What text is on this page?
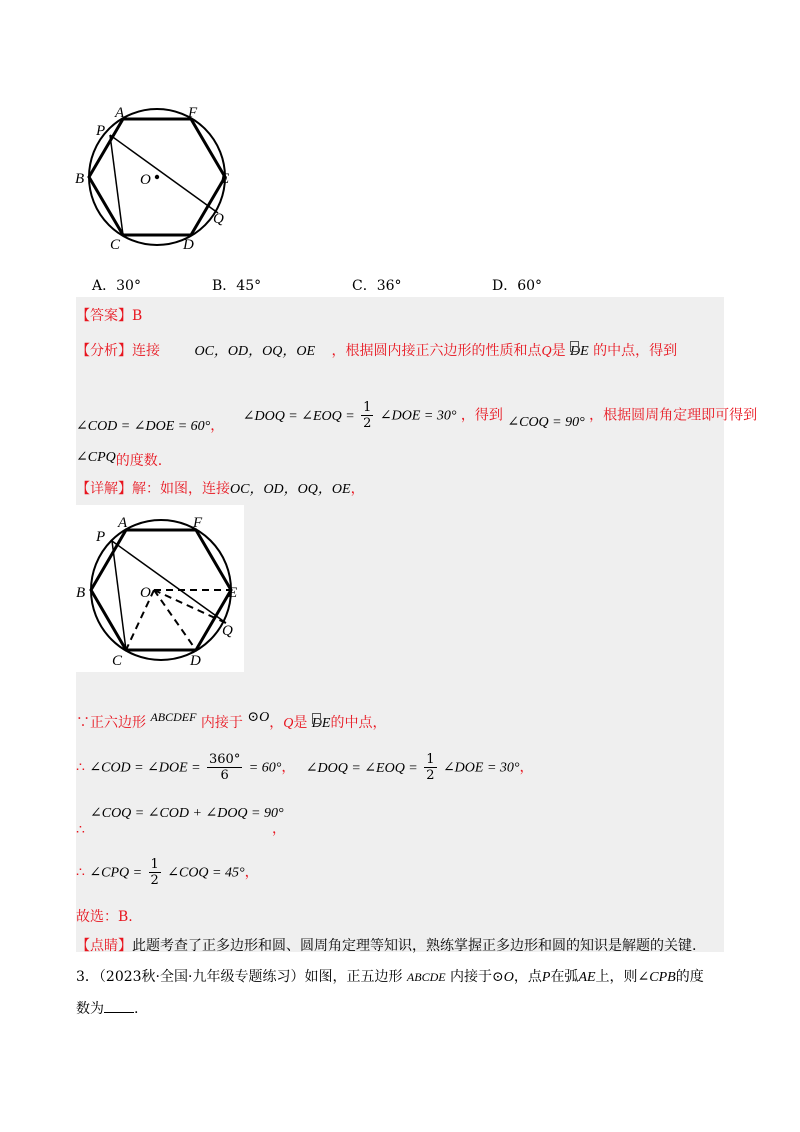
A	F
P
B	O	E
Q
C	D
A．30°	B．45°	C．36°	D．60°
【答案】B
【分析】连接 OC，OD，OQ，OE ，根据圆内接正六边形的性质和点Q是 DE 的中点，得到
∠COD = ∠DOE = 60°， ∠DOQ = ∠EOQ = $\frac{1}{2}$ ∠DOE = 30° ，得到 ∠COQ = 90° ，根据圆周角定理即可得到
∠CPQ的度数.
【详解】解：如图，连接OC，OD，OQ，OE，
A	F
P
B	O	E
Q
C	D
∵正六边形 ABCDEF 内接于 ⊙O，Q是 DE的中点，
∴ ∠COD = ∠DOE = $\frac{360^\circ}{6} = 60^\circ$， ∠DOQ = ∠EOQ = $\frac{1}{2}$ ∠DOE = 30°，
∠COQ = ∠COD + ∠DOQ = 90°
∴	，
∴ ∠CPQ = $\frac{1}{2}$ ∠COQ = 45°，
故选：B.
【点睛】此题考查了正多边形和圆、圆周角定理等知识，熟练掌握正多边形和圆的知识是解题的关键.
3．（2023秋·全国·九年级专题练习）如图，正五边形 ABCDE 内接于⊙O，点P在弧AE上，则∠CPB的度
数为 .
